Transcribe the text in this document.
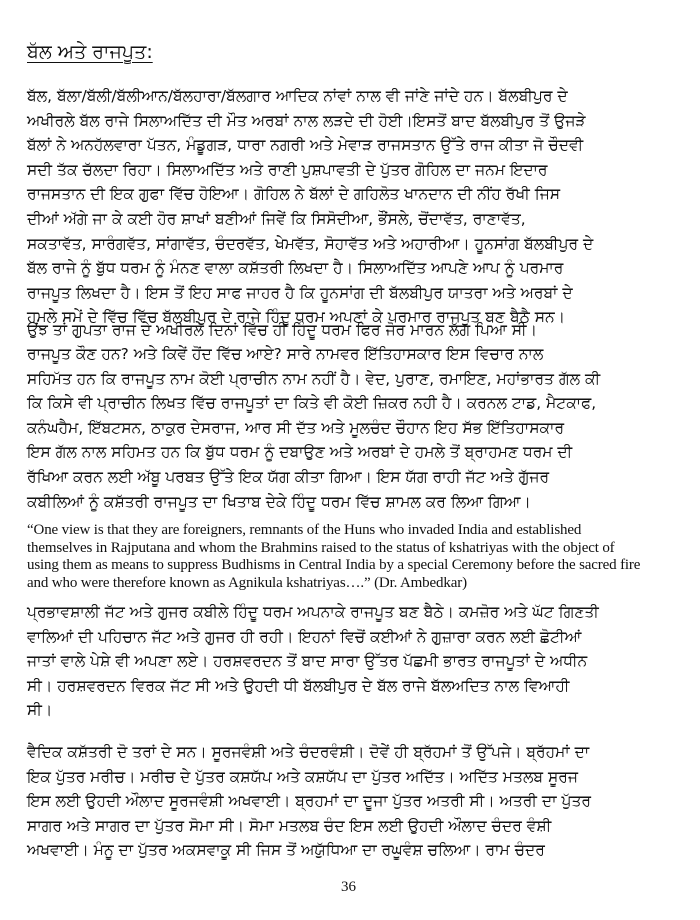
ਬੱਲ ਅਤੇ ਰਾਜਪੂਤ:
ਬੱਲ, ਬੱਲਾ/ਬੱਲੀ/ਬੱਲੀਆਨ/ਬੱਲਹਾਰਾ/ਬੱਲਗਾਰ ਆਦਿਕ ਨਾਂਵਾਂ ਨਾਲ ਵੀ ਜਾਂਣੇ ਜਾਂਦੇ ਹਨ। ਬੱਲਬੀਪੁਰ ਦੇ
ਅਖੀਰਲੇ ਬੱਲ ਰਾਜੇ ਸਿਲਾਅਦਿੱਤ ਦੀ ਮੌਤ ਅਰਬਾਂ ਨਾਲ ਲੜਦੇ ਦੀ ਹੋਈ।ਇਸਤੋਂ ਬਾਦ ਬੱਲਬੀਪੁਰ ਤੋਂ ਉਜੜੇ
ਬੱਲਾਂ ਨੇ ਅਨਹੱਲਵਾਰਾ ਪੱਤਨ, ਮੰਡੂਗੜ, ਧਾਰਾ ਨਗਰੀ ਅਤੇ ਮੇਵਾੜ ਰਾਜਸਤਾਨ ਉੱਤੇ ਰਾਜ ਕੀਤਾ ਜੋ ਚੌਦਵੀ
ਸਦੀ ਤੱਕ ਚੱਲਦਾ ਰਿਹਾ। ਸਿਲਾਅਦਿੱਤ ਅਤੇ ਰਾਣੀ ਪੁਸ਼ਪਾਵਤੀ ਦੇ ਪੁੱਤਰ ਗੋਹਿਲ ਦਾ ਜਨਮ ਇਦਾਰ
ਰਾਜਸਤਾਨ ਦੀ ਇਕ ਗੁਫਾ ਵਿੱਚ ਹੋਇਆ। ਗੋਹਿਲ ਨੇ ਬੱਲਾਂ ਦੇ ਗਹਿਲੋਤ ਖਾਨਦਾਨ ਦੀ ਨੀਂਹ ਰੱਖੀ ਜਿਸ
ਦੀਆਂ ਅੱਗੇ ਜਾ ਕੇ ਕਈ ਹੋਰ ਸ਼ਾਖਾਂ ਬਣੀਆਂ ਜਿਵੇਂ ਕਿ ਸਿਸੋਦੀਆ, ਭੌਂਸਲੇ, ਚੋਂਦਾਵੱਤ, ਰਾਣਾਵੱਤ,
ਸਕਤਾਵੱਤ, ਸਾਰੰਗਵੱਤ, ਸਾਂਗਾਵੱਤ, ਚੰਦਰਵੱਤ, ਖੇਮਵੱਤ, ਸੋਹਾਵੱਤ ਅਤੇ ਅਹਾਰੀਆ। ਹੂਨਸਾਂਗ ਬੱਲਬੀਪੁਰ ਦੇ
ਬੱਲ ਰਾਜੇ ਨੂੰ ਬੁੱਧ ਧਰਮ ਨੂੰ ਮੰਨਣ ਵਾਲਾ ਕਸ਼ੱਤਰੀ ਲਿਖਦਾ ਹੈ। ਸਿਲਾਅਦਿੱਤ ਆਪਣੇ ਆਪ ਨੂੰ ਪਰਮਾਰ
ਰਾਜਪੂਤ ਲਿਖਦਾ ਹੈ। ਇਸ ਤੋਂ ਇਹ ਸਾਫ ਜਾਹਰ ਹੈ ਕਿ ਹੂਨਸਾਂਗ ਦੀ ਬੱਲਬੀਪੁਰ ਯਾਤਰਾ ਅਤੇ ਅਰਬਾਂ ਦੇ
ਹਮਲੇ ਸਮੇਂ ਦੇ ਵਿੱਚ ਵਿੱਚ ਬੱਲਬੀਪੁਰ ਦੇ ਰਾਜੇ ਹਿੰਦੂ ਧਰਮ ਅਪਣਾਂ ਕੇ ਪਰਮਾਰ ਰਾਜਪੂਤ ਬਣ ਬੈਠੈ ਸਨ।
ਉਂਝ ਤਾਂ ਗੁਪਤਾ ਰਾਜ ਦੇ ਅਖੀਰਲੇ ਦਿਨਾਂ ਵਿੱਚ ਹੀ ਹਿੰਦੂ ਧਰਮ ਫਿਰ ਜੋਰ ਮਾਰਨ ਲੱਗ ਪਿਆ ਸੀ।
ਰਾਜਪੂਤ ਕੌਣ ਹਨ? ਅਤੇ ਕਿਵੇਂ ਹੋਂਦ ਵਿੱਚ ਆਏ? ਸਾਰੇ ਨਾਮਵਰ ਇੱਤਿਹਾਸਕਾਰ ਇਸ ਵਿਚਾਰ ਨਾਲ
ਸਹਿਮੱਤ ਹਨ ਕਿ ਰਾਜਪੂਤ ਨਾਮ ਕੋਈ ਪ੍ਰਾਚੀਨ ਨਾਮ ਨਹੀਂ ਹੈ। ਵੇਦ, ਪੁਰਾਣ, ਰਮਾਇਣ, ਮਹਾਂਭਾਰਤ ਗੱਲ ਕੀ
ਕਿ ਕਿਸੇ ਵੀ ਪ੍ਰਾਚੀਨ ਲਿਖਤ ਵਿੱਚ ਰਾਜਪੂਤਾਂ ਦਾ ਕਿਤੇ ਵੀ ਕੋਈ ਜ਼ਿਕਰ ਨਹੀ ਹੈ। ਕਰਨਲ ਟਾਡ, ਮੈਟਕਾਫ,
ਕਨੰਘਹੈਮ, ਇੱਬਟਸਨ, ਠਾਕੁਰ ਦੇਸਰਾਜ, ਆਰ ਸੀ ਦੱਤ ਅਤੇ ਮੂਲਚੰਦ ਚੌਹਾਨ ਇਹ ਸੱਭ ਇੱਤਿਹਾਸਕਾਰ
ਇਸ ਗੱਲ ਨਾਲ ਸਹਿਮਤ ਹਨ ਕਿ ਬੁੱਧ ਧਰਮ ਨੂੰ ਦਬਾਉਣ ਅਤੇ ਅਰਬਾਂ ਦੇ ਹਮਲੇ ਤੋਂ ਬ੍ਰਾਹਮਣ ਧਰਮ ਦੀ
ਰੱਖਿਆ ਕਰਨ ਲਈ ਅੱਬੂ ਪਰਬਤ ਉੱਤੇ ਇਕ ਯੱਗ ਕੀਤਾ ਗਿਆ। ਇਸ ਯੱਗ ਰਾਹੀ ਜੱਟ ਅਤੇ ਗੁੱਜਰ
ਕਬੀਲਿਆਂ ਨੂੰ ਕਸ਼ੱਤਰੀ ਰਾਜਪੂਤ ਦਾ ਖਿਤਾਬ ਦੇਕੇ ਹਿੰਦੂ ਧਰਮ ਵਿੱਚ ਸ਼ਾਮਲ ਕਰ ਲਿਆ ਗਿਆ।
“One view is that they are foreigners, remnants of the Huns who invaded India and established
themselves in Rajputana and whom the Brahmins raised to the status of kshatriyas with the object of
using them as means to suppress Budhisms in Central India by a special Ceremony before the sacred fire
and who were therefore known as Agnikula kshatriyas….” (Dr. Ambedkar)
ਪ੍ਰਭਾਵਸ਼ਾਲੀ ਜੱਟ ਅਤੇ ਗੁਜਰ ਕਬੀਲੇ ਹਿੰਦੂ ਧਰਮ ਅਪਨਾਕੇ ਰਾਜਪੂਤ ਬਣ ਬੈਠੇ। ਕਮਜ਼ੋਰ ਅਤੇ ਘੱਟ ਗਿਣਤੀ
ਵਾਲਿਆਂ ਦੀ ਪਹਿਚਾਨ ਜੱਟ ਅਤੇ ਗੁਜਰ ਹੀ ਰਹੀ। ਇਹਨਾਂ ਵਿਚੋਂ ਕਈਆਂ ਨੇ ਗੁਜ਼ਾਰਾ ਕਰਨ ਲਈ ਛੋਟੀਆਂ
ਜਾਤਾਂ ਵਾਲੇ ਪੇਸ਼ੇ ਵੀ ਅਪਣਾ ਲਏ। ਹਰਸ਼ਵਰਦਨ ਤੋਂ ਬਾਦ ਸਾਰਾ ਉੱਤਰ ਪੱਛਮੀ ਭਾਰਤ ਰਾਜਪੂਤਾਂ ਦੇ ਅਧੀਨ
ਸੀ। ਹਰਸ਼ਵਰਦਨ ਵਿਰਕ ਜੱਟ ਸੀ ਅਤੇ ਉਹਦੀ ਧੀ ਬੱਲਬੀਪੁਰ ਦੇ ਬੱਲ ਰਾਜੇ ਬੱਲਅਦਿਤ ਨਾਲ ਵਿਆਹੀ
ਸੀ।
ਵੈਦਿਕ ਕਸ਼ੱਤਰੀ ਦੋ ਤਰਾਂ ਦੇ ਸਨ। ਸੂਰਜਵੰਸ਼ੀ ਅਤੇ ਚੰਦਰਵੰਸ਼ੀ। ਦੋਵੇਂ ਹੀ ਬ੍ਰੱਹਮਾਂ ਤੋਂ ਉੱਪਜੇ। ਬ੍ਰੱਹਮਾਂ ਦਾ
ਇਕ ਪੁੱਤਰ ਮਰੀਚ। ਮਰੀਚ ਦੇ ਪੁੱਤਰ ਕਸ਼ਯੱਪ ਅਤੇ ਕਸ਼ਯੱਪ ਦਾ ਪੁੱਤਰ ਅਦਿੱਤ। ਅਦਿੱਤ ਮਤਲਬ ਸੂਰਜ
ਇਸ ਲਈ ਉਹਦੀ ਔਲਾਦ ਸੂਰਜਵੰਸ਼ੀ ਅਖਵਾਈ। ਬ੍ਰਹਮਾਂ ਦਾ ਦੂਜਾ ਪੁੱਤਰ ਅਤਰੀ ਸੀ। ਅਤਰੀ ਦਾ ਪੁੱਤਰ
ਸਾਗਰ ਅਤੇ ਸਾਗਰ ਦਾ ਪੁੱਤਰ ਸੋਮਾ ਸੀ। ਸੋਮਾ ਮਤਲਬ ਚੰਦ ਇਸ ਲਈ ਉਹਦੀ ਔਲਾਦ ਚੰਦਰ ਵੰਸ਼ੀ
ਅਖਵਾਈ। ਮੰਨੂ ਦਾ ਪੁੱਤਰ ਅਕਸਵਾਕੂ ਸੀ ਜਿਸ ਤੋਂ ਅਯੁੱਧਿਆ ਦਾ ਰਘੂਵੰਸ਼ ਚਲਿਆ। ਰਾਮ ਚੰਦਰ
36
